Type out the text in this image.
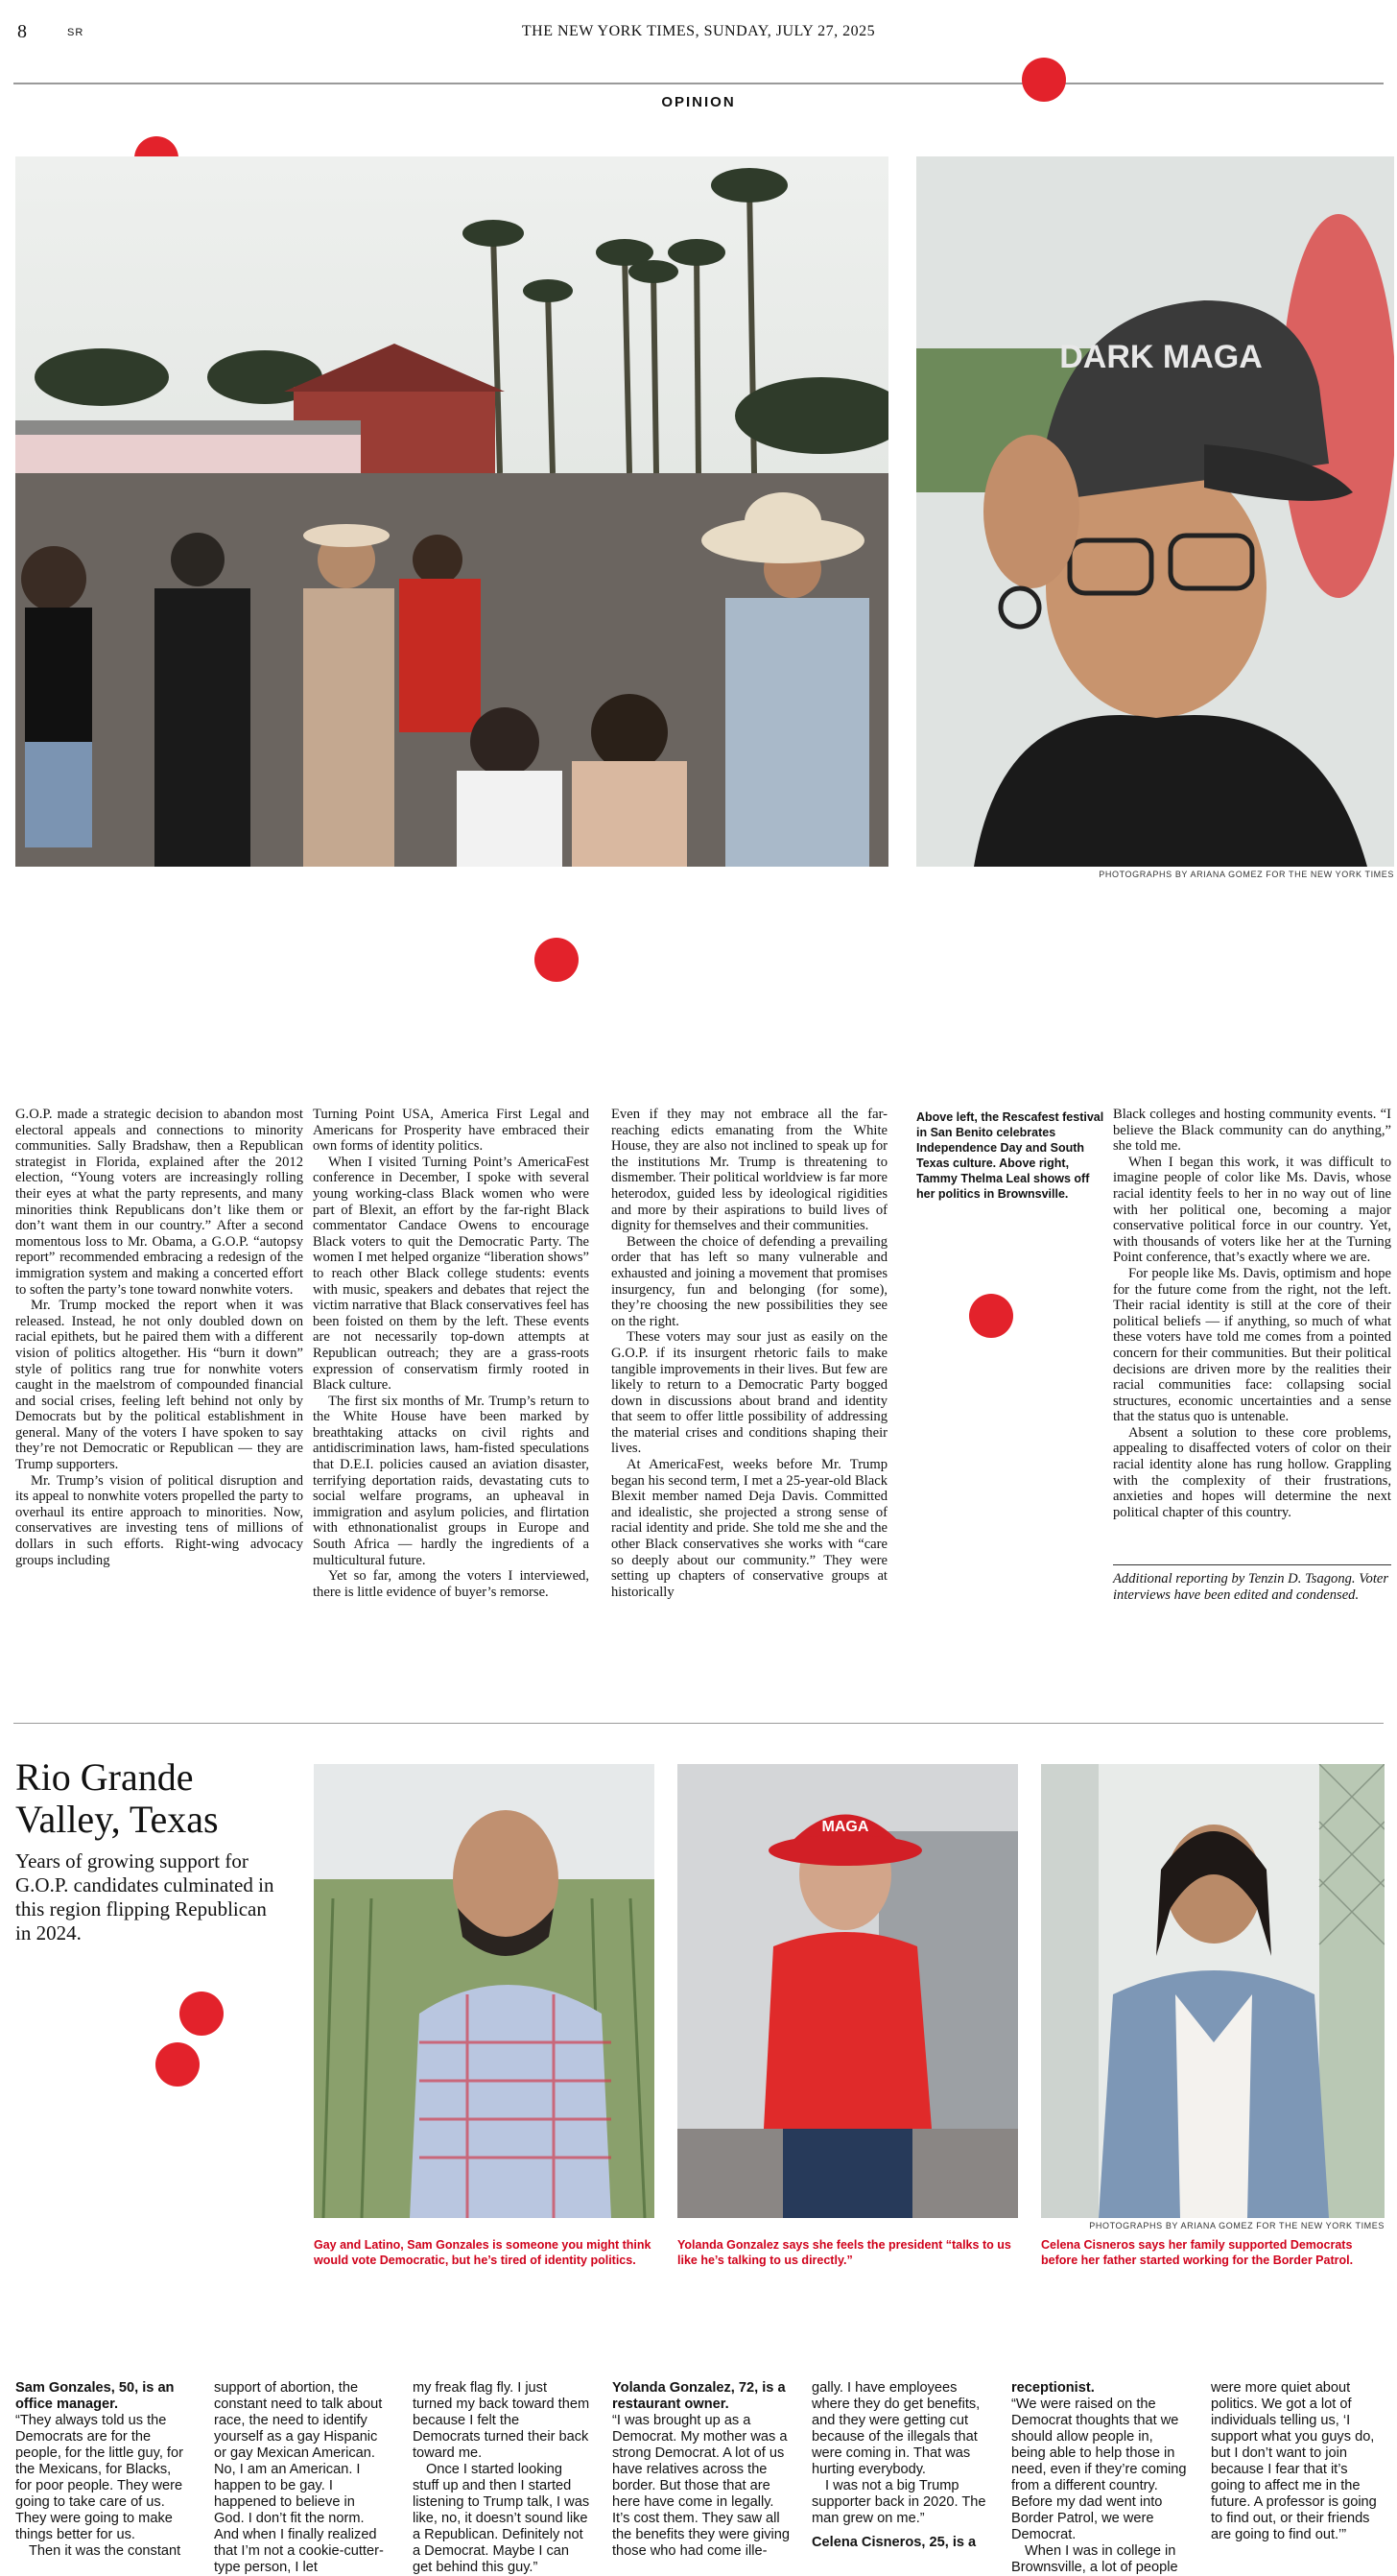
8	SR	THE NEW YORK TIMES, SUNDAY, JULY 27, 2025
OPINION
DARK MAGA
PHOTOGRAPHS BY ARIANA GOMEZ FOR THE NEW YORK TIMES

G.O.P. made a strategic decision to abandon most electoral appeals and connections to minority communities. Sally Bradshaw, then a Republican strategist in Florida, explained after the 2012 election, “Young voters are increasingly rolling their eyes at what the party represents, and many minorities think Republicans don’t like them or don’t want them in our country.” After a second momentous loss to Mr. Obama, a G.O.P. “autopsy report” recommended embracing a redesign of the immigration system and making a concerted effort to soften the party’s tone toward nonwhite voters.

Mr. Trump mocked the report when it was released. Instead, he not only doubled down on racial epithets, but he paired them with a different vision of politics altogether. His “burn it down” style of politics rang true for nonwhite voters caught in the maelstrom of compounded financial and social crises, feeling left behind not only by Democrats but by the political establishment in general. Many of the voters I have spoken to say they’re not Democratic or Republican — they are Trump supporters.

Mr. Trump’s vision of political disruption and its appeal to nonwhite voters propelled the party to overhaul its entire approach to minorities. Now, conservatives are investing tens of millions of dollars in such efforts. Right-wing advocacy groups including

Turning Point USA, America First Legal and Americans for Prosperity have embraced their own forms of identity politics.

When I visited Turning Point’s AmericaFest conference in December, I spoke with several young working-class Black women who were part of Blexit, an effort by the far-right Black commentator Candace Owens to encourage Black voters to quit the Democratic Party. The women I met helped organize “liberation shows” to reach other Black college students: events with music, speakers and debates that reject the victim narrative that Black conservatives feel has been foisted on them by the left. These events are not necessarily top-down attempts at Republican outreach; they are a grass-roots expression of conservatism firmly rooted in Black culture.

The first six months of Mr. Trump’s return to the White House have been marked by breathtaking attacks on civil rights and antidiscrimination laws, ham-fisted speculations that D.E.I. policies caused an aviation disaster, terrifying deportation raids, devastating cuts to social welfare programs, an upheaval in immigration and asylum policies, and flirtation with ethnonationalist groups in Europe and South Africa — hardly the ingredients of a multicultural future.

Yet so far, among the voters I interviewed, there is little evidence of buyer’s remorse.

Even if they may not embrace all the far-reaching edicts emanating from the White House, they are also not inclined to speak up for the institutions Mr. Trump is threatening to dismember. Their political worldview is far more heterodox, guided less by ideological rigidities and more by their aspirations to build lives of dignity for themselves and their communities.

Between the choice of defending a prevailing order that has left so many vulnerable and exhausted and joining a movement that promises insurgency, fun and belonging (for some), they’re choosing the new possibilities they see on the right.

These voters may sour just as easily on the G.O.P. if its insurgent rhetoric fails to make tangible improvements in their lives. But few are likely to return to a Democratic Party bogged down in discussions about brand and identity that seem to offer little possibility of addressing the material crises and conditions shaping their lives.

At AmericaFest, weeks before Mr. Trump began his second term, I met a 25-year-old Black Blexit member named Deja Davis. Committed and idealistic, she projected a strong sense of racial identity and pride. She told me she and the other Black conservatives she works with “care so deeply about our community.” They were setting up chapters of conservative groups at historically

Above left, the Rescafest festival in San Benito celebrates Independence Day and South Texas culture. Above right, Tammy Thelma Leal shows off her politics in Brownsville.

Black colleges and hosting community events. “I believe the Black community can do anything,” she told me.

When I began this work, it was difficult to imagine people of color like Ms. Davis, whose racial identity feels to her in no way out of line with her political one, becoming a major conservative political force in our country. Yet, with thousands of voters like her at the Turning Point conference, that’s exactly where we are.

For people like Ms. Davis, optimism and hope for the future come from the right, not the left. Their racial identity is still at the core of their political beliefs — if anything, so much of what these voters have told me comes from a pointed concern for their communities. But their political decisions are driven more by the realities their racial communities face: collapsing social structures, economic uncertainties and a sense that the status quo is untenable.

Absent a solution to these core problems, appealing to disaffected voters of color on their racial identity alone has rung hollow. Grappling with the complexity of their frustrations, anxieties and hopes will determine the next political chapter of this country.

Additional reporting by Tenzin D. Tsagong. Voter interviews have been edited and condensed.
Rio Grande Valley, Texas
Years of growing support for G.O.P. candidates culminated in this region flipping Republican in 2024.
MAGA
PHOTOGRAPHS BY ARIANA GOMEZ FOR THE NEW YORK TIMES
Gay and Latino, Sam Gonzales is someone you might think would vote Democratic, but he’s tired of identity politics.
Yolanda Gonzalez says she feels the president “talks to us like he’s talking to us directly.”
Celena Cisneros says her family supported Democrats before her father started working for the Border Patrol.

Sam Gonzales, 50, is an office manager.

“They always told us the Democrats are for the people, for the little guy, for the Mexicans, for Blacks, for poor people. They were going to take care of us. They were going to make things better for us.

Then it was the constant

support of abortion, the constant need to talk about race, the need to identify yourself as a gay Hispanic or gay Mexican American. No, I am an American. I happen to be gay. I happened to believe in God. I don’t fit the norm. And when I finally realized that I’m not a cookie-cutter-type person, I let

my freak flag fly. I just turned my back toward them because I felt the Democrats turned their back toward me.

Once I started looking stuff up and then I started listening to Trump talk, I was like, no, it doesn’t sound like a Republican. Definitely not a Democrat. Maybe I can get behind this guy.”

Yolanda Gonzalez, 72, is a restaurant owner.

“I was brought up as a Democrat. My mother was a strong Democrat. A lot of us have relatives across the border. But those that are here have come in legally. It’s cost them. They saw all the benefits they were giving those who had come ille-

gally. I have employees where they do get benefits, and they were getting cut because of the illegals that were coming in. That was hurting everybody.

I was not a big Trump supporter back in 2020. The man grew on me.”

Celena Cisneros, 25, is a

receptionist.

“We were raised on the Democrat thoughts that we should allow people in, being able to help those in need, even if they’re coming from a different country. Before my dad went into Border Patrol, we were Democrat.

When I was in college in Brownsville, a lot of people

were more quiet about politics. We got a lot of individuals telling us, ‘I support what you guys do, but I don’t want to join because I fear that it’s going to affect me in the future. A professor is going to find out, or their friends are going to find out.’”
